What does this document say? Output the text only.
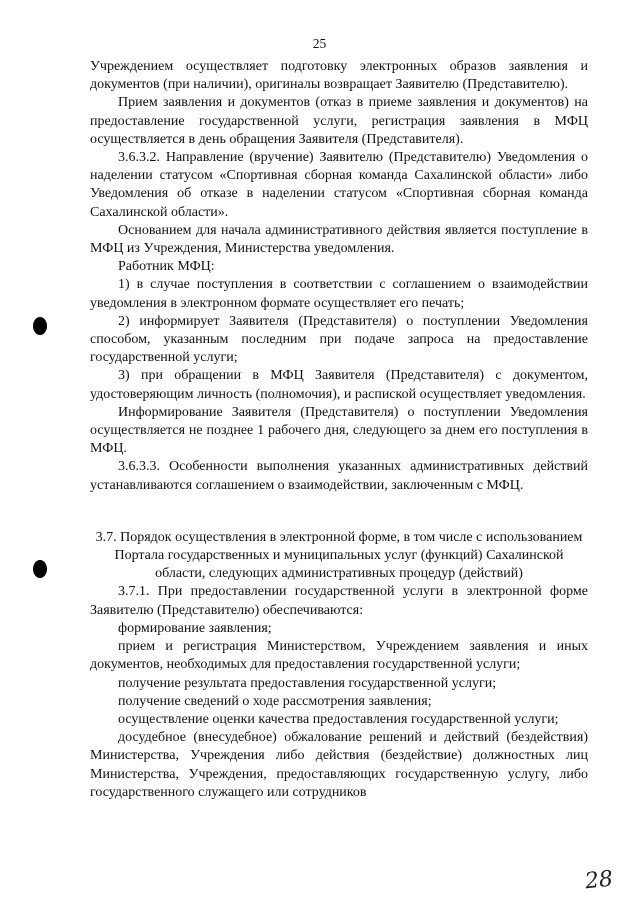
25

Учреждением осуществляет подготовку электронных образов заявления и документов (при наличии), оригиналы возвращает Заявителю (Представителю).

Прием заявления и документов (отказ в приеме заявления и документов) на предоставление государственной услуги, регистрация заявления в МФЦ осуществляется в день обращения Заявителя (Представителя).

3.6.3.2. Направление (вручение) Заявителю (Представителю) Уведомления о наделении статусом «Спортивная сборная команда Сахалинской области» либо Уведомления об отказе в наделении статусом «Спортивная сборная команда Сахалинской области».

Основанием для начала административного действия является поступление в МФЦ из Учреждения, Министерства уведомления.

Работник МФЦ:

1) в случае поступления в соответствии с соглашением о взаимодействии уведомления в электронном формате осуществляет его печать;

2) информирует Заявителя (Представителя) о поступлении Уведомления способом, указанным последним при подаче запроса на предоставление государственной услуги;

3) при обращении в МФЦ Заявителя (Представителя) с документом, удостоверяющим личность (полномочия), и распиской осуществляет уведомления.

Информирование Заявителя (Представителя) о поступлении Уведомления осуществляется не позднее 1 рабочего дня, следующего за днем его поступления в МФЦ.

3.6.3.3. Особенности выполнения указанных административных действий устанавливаются соглашением о взаимодействии, заключенным с МФЦ.

3.7. Порядок осуществления в электронной форме, в том числе с использованием Портала государственных и муниципальных услуг (функций) Сахалинской области, следующих административных процедур (действий)

3.7.1. При предоставлении государственной услуги в электронной форме Заявителю (Представителю) обеспечиваются:

формирование заявления;

прием и регистрация Министерством, Учреждением заявления и иных документов, необходимых для предоставления государственной услуги;

получение результата предоставления государственной услуги;

получение сведений о ходе рассмотрения заявления;

осуществление оценки качества предоставления государственной услуги;

досудебное (внесудебное) обжалование решений и действий (бездействия) Министерства, Учреждения либо действия (бездействие) должностных лиц Министерства, Учреждения, предоставляющих государственную услугу, либо государственного служащего или сотрудников

28
